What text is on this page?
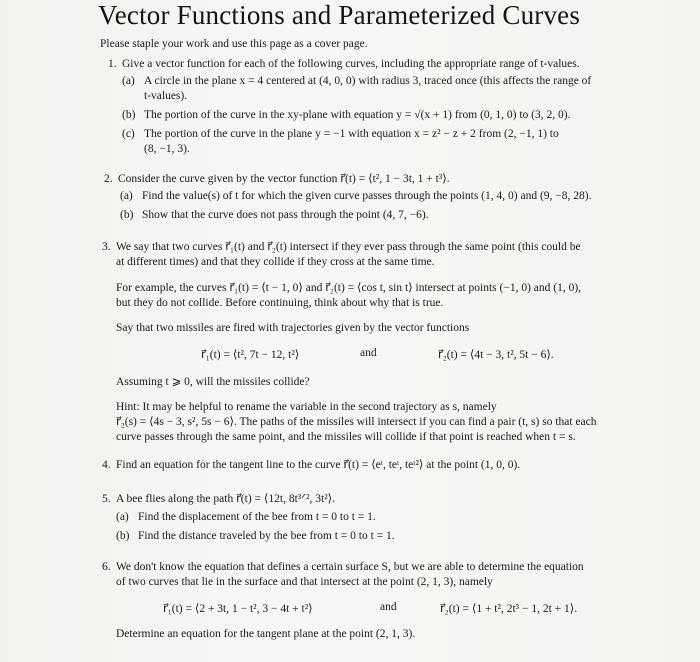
Vector Functions and Parameterized Curves
Please staple your work and use this page as a cover page.
1. Give a vector function for each of the following curves, including the appropriate range of t-values.
(a) A circle in the plane x = 4 centered at (4, 0, 0) with radius 3, traced once (this affects the range of
t-values).
(b) The portion of the curve in the xy-plane with equation y = √(x + 1) from (0, 1, 0) to (3, 2, 0).
(c) The portion of the curve in the plane y = −1 with equation x = z² − z + 2 from (2, −1, 1) to
(8, −1, 3).
2. Consider the curve given by the vector function r⃗(t) = ⟨t², 1 − 3t, 1 + t³⟩.
(a) Find the value(s) of t for which the given curve passes through the points (1, 4, 0) and (9, −8, 28).
(b) Show that the curve does not pass through the point (4, 7, −6).
3. We say that two curves r⃗₁(t) and r⃗₂(t) intersect if they ever pass through the same point (this could be
at different times) and that they collide if they cross at the same time.
For example, the curves r⃗₁(t) = ⟨t − 1, 0⟩ and r⃗₂(t) = ⟨cos t, sin t⟩ intersect at points (−1, 0) and (1, 0),
but they do not collide. Before continuing, think about why that is true.
Say that two missiles are fired with trajectories given by the vector functions
r⃗₁(t) = ⟨t², 7t − 12, t²⟩	and	r⃗₂(t) = ⟨4t − 3, t², 5t − 6⟩.
Assuming t ⩾ 0, will the missiles collide?
Hint: It may be helpful to rename the variable in the second trajectory as s, namely
r⃗₂(s) = ⟨4s − 3, s², 5s − 6⟩. The paths of the missiles will intersect if you can find a pair (t, s) so that each
curve passes through the same point, and the missiles will collide if that point is reached when t = s.
4. Find an equation for the tangent line to the curve r⃗(t) = ⟨eᵗ, teᵗ, teᵗ²⟩ at the point (1, 0, 0).
5. A bee flies along the path r⃗(t) = ⟨12t, 8t³ᐟ², 3t²⟩.
(a) Find the displacement of the bee from t = 0 to t = 1.
(b) Find the distance traveled by the bee from t = 0 to t = 1.
6. We don't know the equation that defines a certain surface S, but we are able to determine the equation
of two curves that lie in the surface and that intersect at the point (2, 1, 3), namely
r⃗₁(t) = ⟨2 + 3t, 1 − t², 3 − 4t + t²⟩	and	r⃗₂(t) = ⟨1 + t², 2t³ − 1, 2t + 1⟩.
Determine an equation for the tangent plane at the point (2, 1, 3).
